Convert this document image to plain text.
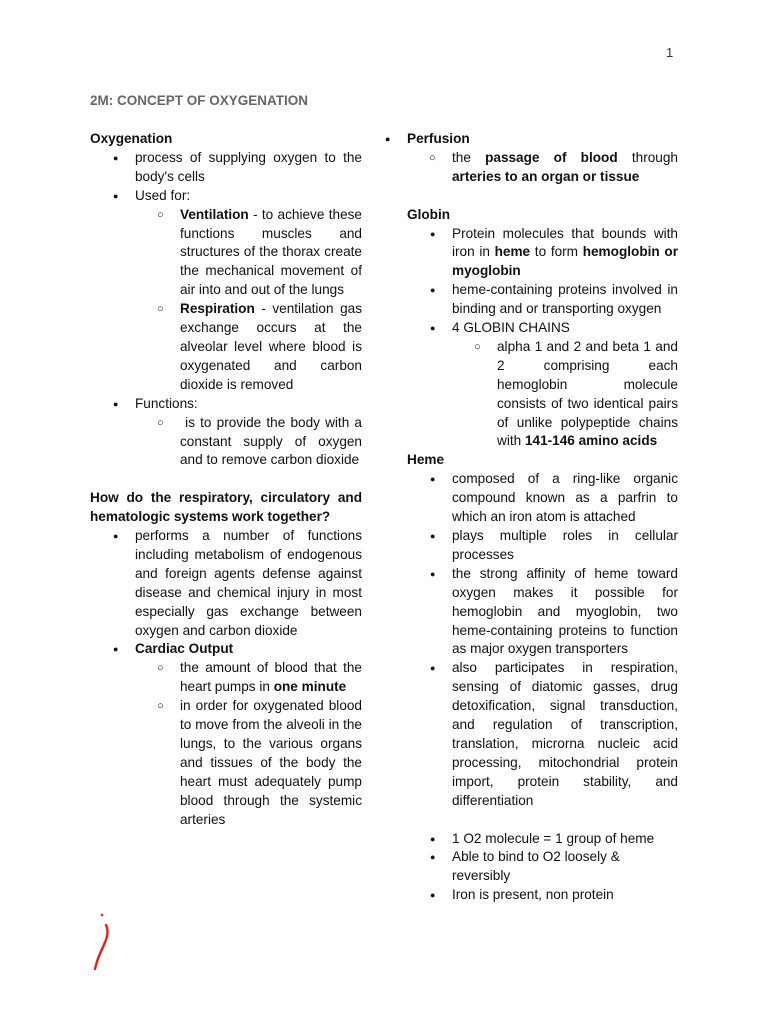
1
2M: CONCEPT OF OXYGENATION
Oxygenation
● process of supplying oxygen to the body's cells
● Used for:
○ Ventilation - to achieve these functions muscles and structures of the thorax create the mechanical movement of air into and out of the lungs
○ Respiration - ventilation gas exchange occurs at the alveolar level where blood is oxygenated and carbon dioxide is removed
● Functions:
○  is to provide the body with a constant supply of oxygen and to remove carbon dioxide
How do the respiratory, circulatory and hematologic systems work together?
● performs a number of functions including metabolism of endogenous and foreign agents defense against disease and chemical injury in most especially gas exchange between oxygen and carbon dioxide
● Cardiac Output
○ the amount of blood that the heart pumps in one minute
○ in order for oxygenated blood to move from the alveoli in the lungs, to the various organs and tissues of the body the heart must adequately pump blood through the systemic arteries
● Perfusion
○ the passage of blood through arteries to an organ or tissue
Globin
● Protein molecules that bounds with iron in heme to form hemoglobin or myoglobin
● heme-containing proteins involved in binding and or transporting oxygen
● 4 GLOBIN CHAINS
○ alpha 1 and 2 and beta 1 and 2 comprising each hemoglobin molecule consists of two identical pairs of unlike polypeptide chains with 141-146 amino acids
Heme
● composed of a ring-like organic compound known as a parfrin to which an iron atom is attached
● plays multiple roles in cellular processes
● the strong affinity of heme toward oxygen makes it possible for hemoglobin and myoglobin, two heme-containing proteins to function as major oxygen transporters
● also participates in respiration, sensing of diatomic gasses, drug detoxification, signal transduction, and regulation of transcription, translation, microrna nucleic acid processing, mitochondrial protein import, protein stability, and differentiation
● 1 O2 molecule = 1 group of heme
● Able to bind to O2 loosely & reversibly
● Iron is present, non protein
